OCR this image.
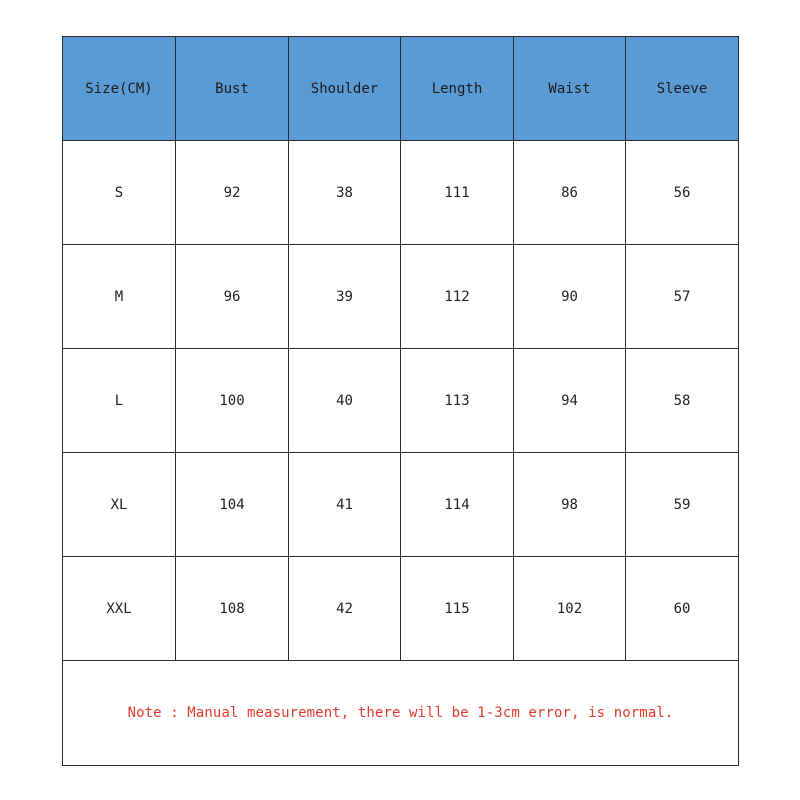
Size(CM)	Bust	Shoulder	Length	Waist	Sleeve
S	92	38	111	86	56
M	96	39	112	90	57
L	100	40	113	94	58
XL	104	41	114	98	59
XXL	108	42	115	102	60
Note : Manual measurement, there will be 1-3cm error, is normal.					
